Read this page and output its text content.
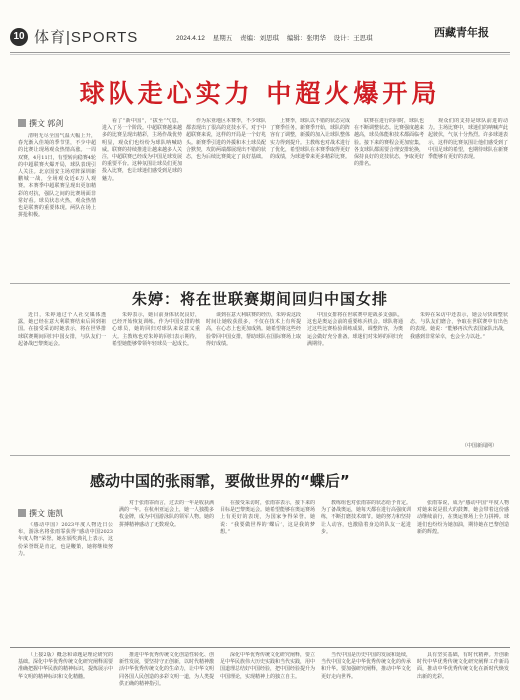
10 体育|SPORTS	2024.4.12 星期五 责编：刘思琪 编辑：张明华 设计：王思琪	西藏青年报
球队走心实力 中超火爆开局
撰文 郭剑

清明无尽全国气温大幅上升，春光渐入佳境的季节里，不少中超的比赛让现场观众热情高涨。一周双赛，4月11日，有望转向稳赛4轮的中超联赛火爆开局，球队表现引人关注。北京国安主场对阵深圳新鹏城一战，全场观众近6万人观赛。本赛季中超联赛呈现出更加精彩的对抗，强队之间的比赛场面非常好看。球员状态火热，观众热情也是联赛的重要体现。两队在场上拼抢积极。

看了“新中国”，“拔至”气息，进入了另一个阶段。中超联赛越来越多的比赛呈现出精彩，主场作战优势明显，观众们也纷纷为球队呐喊助威。联赛的持续推进让越来越多人关注，中超联赛已经成为中国足球发展的重要平台。这种氛围让球员们更加投入比赛，也让球迷们感受到足球的魅力。

作为东亚地区本赛季，不少球队都表现出了很高的竞技水平。对于中超联赛来说，这样的开局是一个好兆头。新赛季引进的外援和本土球员配合默契，攻防两端都展现出不错的状态，也为后续比赛奠定了良好基础。

上赛季，球队以不错的状态完成了赛季任务。新赛季开始，球队的阵容有了调整，新援的加入让球队整体实力得到提升。主教练也对战术进行了优化，希望球队在本赛季取得更好的成绩，为球迷带来更多精彩比赛。

联赛在进行的同时，球队也在不断调整状态。比赛强度越来越高，球员体能和技术都面临考验。接下来的赛程会更加密集，各支球队都需要合理安排轮换，保持良好的竞技状态，争取更好的排名。

观众们的支持是球队前进的动力。主场比赛中，球迷们的呐喊声此起彼伏，气氛十分热烈。许多球迷表示，这样的比赛氛围让他们感受到了中国足球的希望，也期待球队在新赛季能够有更好的表现。

朱婷：将在世联赛期间回归中国女排

近日，朱婷通过个人社交媒体透露，她已经在意大利联赛结束后回到祖国。在接受采访时她表示，将在世界排球联赛期间回归中国女排，与队友们一起备战巴黎奥运会。

朱婷表示，她目前身体状况良好，已经开始恢复训练。作为中国女排的核心球员，她的回归对球队来说意义重大。主教练也对朱婷的回归表示期待，希望她能够带领年轻球员一起成长。

谈到在意大利联赛的经历，朱婷说这段时间让她收获很多，不仅在技术上有所提高，在心态上也更加成熟。她希望将这些经验带回中国女排，帮助球队在国际赛场上取得好成绩。

中国女排将在世联赛中迎战多支强队，这也是奥运会前的重要练兵机会。球队将通过这些比赛检验训练成果，调整阵容，为奥运会做好充分准备。球迷们对朱婷的回归充满期待。

朱婷在采访中还表示，她会尽快调整状态，与队友们磨合，争取在世联赛中有出色的表现。她说：“能够再次代表国家队出战，我感到非常荣幸，也会全力以赴。”

（中国新闻网）
感动中国的张雨霏，要做世界的“蝶后”
撰文 施凯

《感动中国》2023年度人物近日公布，游泳名将张雨霏获得“感动中国2023年度人物”荣誉。她在颁奖典礼上表示，这份荣誉既是肯定，也是鞭策，她将继续努力。

对于张雨霏而言，过去的一年是收获满满的一年。在杭州亚运会上，她一人独揽多枚金牌，成为中国游泳队的领军人物。她的拼搏精神感动了无数观众。

在接受采访时，张雨霏表示，接下来的目标是巴黎奥运会。她希望能够在奥运赛场上有更好的表现，为国家争得荣誉。她说：“我要做世界的‘蝶后’，这是我的梦想。”

教练组也对张雨霏的状态给予肯定。为了备战奥运，她每天都在进行高强度训练，不断打磨技术细节。她的努力和坚持让人动容，也激励着身边的队友一起进步。

张雨霏说，成为“感动中国”年度人物对她来说是很大的鼓舞，她会带着这份感动继续前行，在奥运赛场上全力拼搏。球迷们也纷纷为她加油，期待她在巴黎创造新的辉煌。

（上接2版）概念和命题是理论研究的基础。深化中华优秀传统文化研究阐释需要准确把握中华民族的精神标识，提炼展示中华文明的精神标识和文化精髓。

推进中华优秀传统文化创造性转化、创新性发展，要坚持守正创新，以时代精神激活中华优秀传统文化的生命力，让中华文明同各国人民创造的多彩文明一道，为人类提供正确的精神指引。

深化中华优秀传统文化研究阐释，要立足中华民族伟大历史实践和当代实践，用中国道理总结好中国经验，把中国经验提升为中国理论，实现精神上的独立自主。

当代中国是历史中国的发展和延续，当代中国文化是中华优秀传统文化的传承和升华。要加强研究阐释，推动中华文化更好走向世界。

具有坚实基础，有时代精神。开创新时代中华优秀传统文化研究阐释工作新局面，推动中华优秀传统文化在新时代焕发出新的光彩。
